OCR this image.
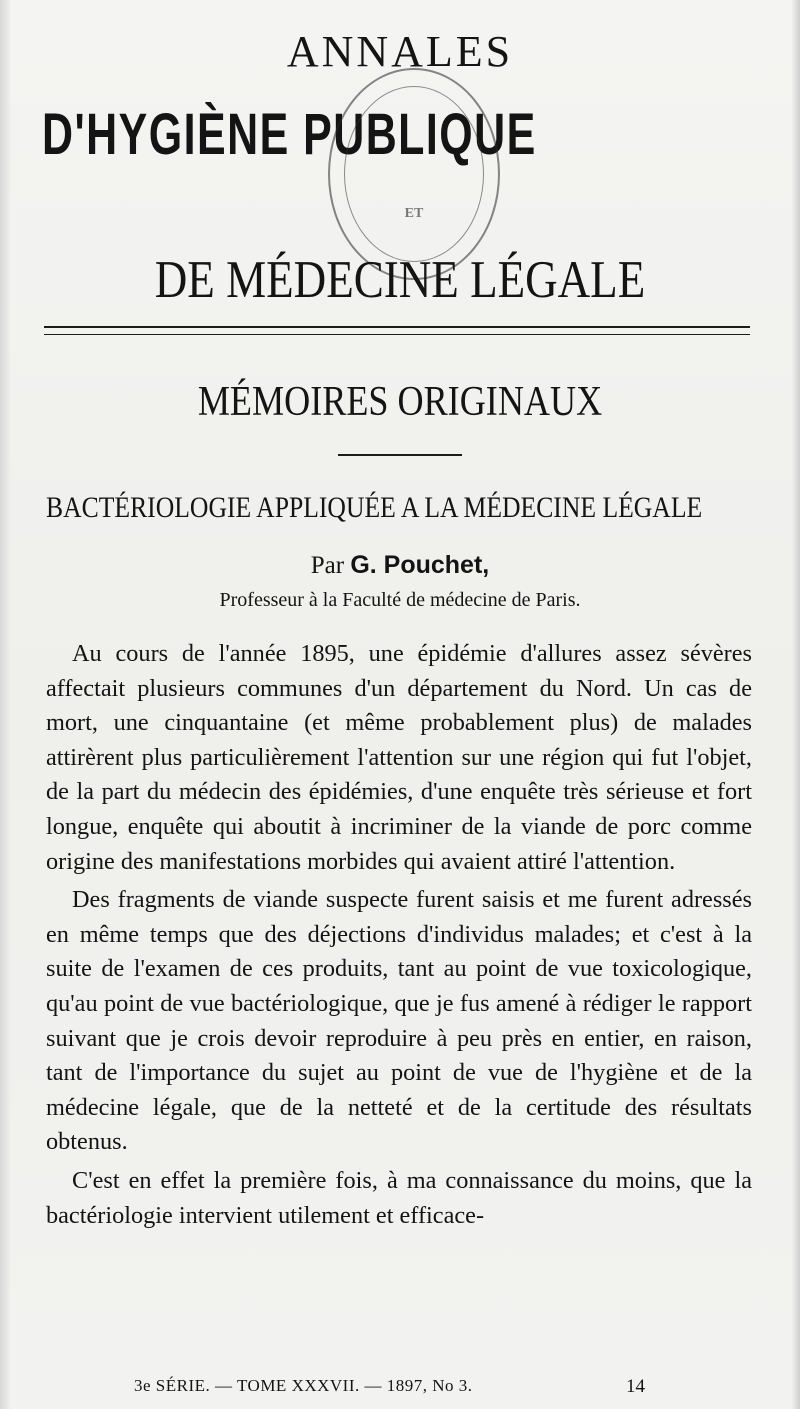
ANNALES
D'HYGIÈNE PUBLIQUE
ET
DE MÉDECINE LÉGALE
MÉMOIRES ORIGINAUX
BACTÉRIOLOGIE APPLIQUÉE A LA MÉDECINE LÉGALE
Par G. Pouchet,
Professeur à la Faculté de médecine de Paris.

Au cours de l'année 1895, une épidémie d'allures assez sévères affectait plusieurs communes d'un département du Nord. Un cas de mort, une cinquantaine (et même probablement plus) de malades attirèrent plus particulièrement l'attention sur une région qui fut l'objet, de la part du médecin des épidémies, d'une enquête très sérieuse et fort longue, enquête qui aboutit à incriminer de la viande de porc comme origine des manifestations morbides qui avaient attiré l'attention.

Des fragments de viande suspecte furent saisis et me furent adressés en même temps que des déjections d'individus malades; et c'est à la suite de l'examen de ces produits, tant au point de vue toxicologique, qu'au point de vue bactériologique, que je fus amené à rédiger le rapport suivant que je crois devoir reproduire à peu près en entier, en raison, tant de l'importance du sujet au point de vue de l'hygiène et de la médecine légale, que de la netteté et de la certitude des résultats obtenus.

C'est en effet la première fois, à ma connaissance du moins, que la bactériologie intervient utilement et efficace-

3e SÉRIE. — TOME XXXVII. — 1897, No 3.	14
